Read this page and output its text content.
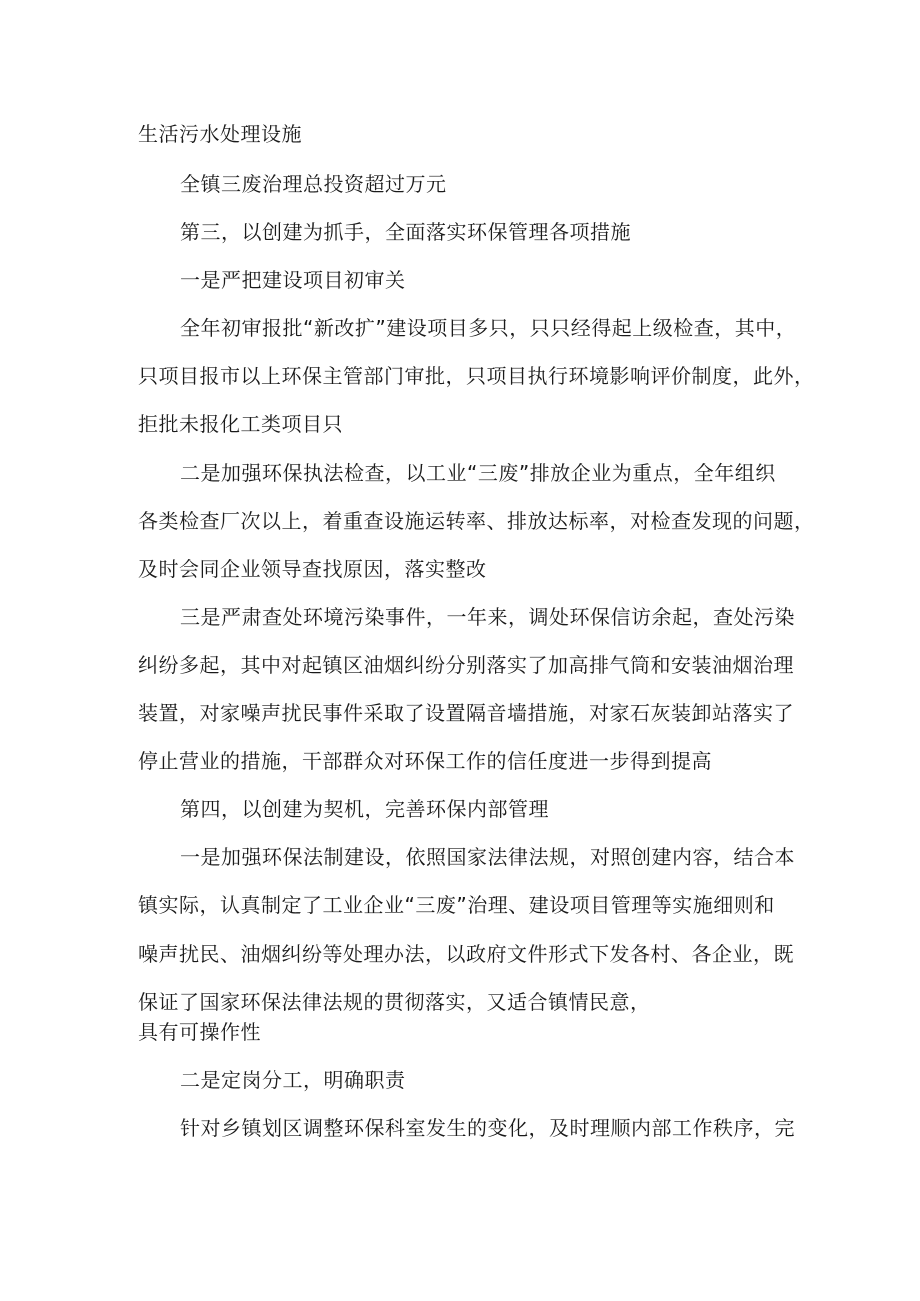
生活污水处理设施
全镇三废治理总投资超过万元
第三，以创建为抓手，全面落实环保管理各项措施
一是严把建设项目初审关
全年初审报批“新改扩”建设项目多只，只只经得起上级检查，其中，
只项目报市以上环保主管部门审批，只项目执行环境影响评价制度，此外，
拒批未报化工类项目只
二是加强环保执法检查，以工业“三废”排放企业为重点，全年组织
各类检查厂次以上，着重查设施运转率、排放达标率，对检查发现的问题，
及时会同企业领导查找原因，落实整改
三是严肃查处环境污染事件，一年来，调处环保信访余起，查处污染
纠纷多起，其中对起镇区油烟纠纷分别落实了加高排气筒和安装油烟治理
装置，对家噪声扰民事件采取了设置隔音墙措施，对家石灰装卸站落实了
停止营业的措施，干部群众对环保工作的信任度进一步得到提高
第四，以创建为契机，完善环保内部管理
一是加强环保法制建设，依照国家法律法规，对照创建内容，结合本
镇实际，认真制定了工业企业“三废”治理、建设项目管理等实施细则和
噪声扰民、油烟纠纷等处理办法，以政府文件形式下发各村、各企业，既
保证了国家环保法律法规的贯彻落实，又适合镇情民意，
具有可操作性
二是定岗分工，明确职责
针对乡镇划区调整环保科室发生的变化，及时理顺内部工作秩序，完
